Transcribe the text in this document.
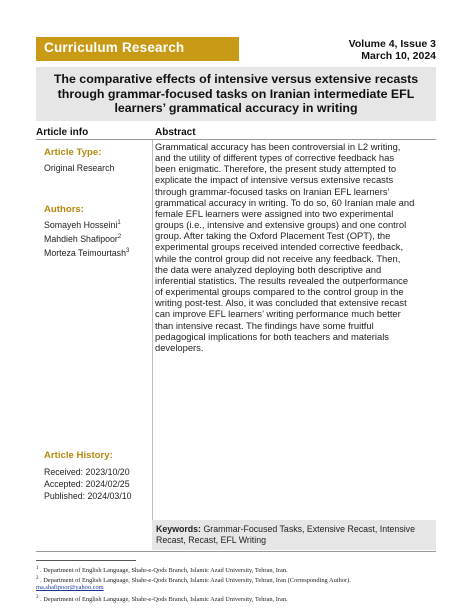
Curriculum Research	Volume 4, Issue 3
March 10, 2024
The comparative effects of intensive versus extensive recasts
through grammar-focused tasks on Iranian intermediate EFL
learners’ grammatical accuracy in writing
Article info	Abstract
Article Type:
Original Research
Authors:
Somayeh Hosseini$^1$
Mahdieh Shafipoor$^2$
Morteza Teimourtash$^3$
Article History:
Received: 2023/10/20
Accepted: 2024/02/25
Published: 2024/03/10
Grammatical accuracy has been controversial in L2 writing,
and the utility of different types of corrective feedback has
been enigmatic. Therefore, the present study attempted to
explicate the impact of intensive versus extensive recasts
through grammar-focused tasks on Iranian EFL learners’
grammatical accuracy in writing. To do so, 60 Iranian male and
female EFL learners were assigned into two experimental
groups (i.e., intensive and extensive groups) and one control
group. After taking the Oxford Placement Test (OPT), the
experimental groups received intended corrective feedback,
while the control group did not receive any feedback. Then,
the data were analyzed deploying both descriptive and
inferential statistics. The results revealed the outperformance
of experimental groups compared to the control group in the
writing post-test. Also, it was concluded that extensive recast
can improve EFL learners’ writing performance much better
than intensive recast. The findings have some fruitful
pedagogical implications for both teachers and materials
developers.
Keywords: Grammar-Focused Tasks, Extensive Recast, Intensive
Recast, Recast, EFL Writing
$^1$ . Department of English Language, Shahr-e-Qods Branch, Islamic Azad University, Tehran, Iran.
$^2$ . Department of English Language, Shahr-e-Qods Branch, Islamic Azad University, Tehran, Iran (Corresponding Author).
ma.shafipoor@yahoo.com
$^3$ . Department of English Language, Shahr-e-Qods Branch, Islamic Azad University, Tehran, Iran.
